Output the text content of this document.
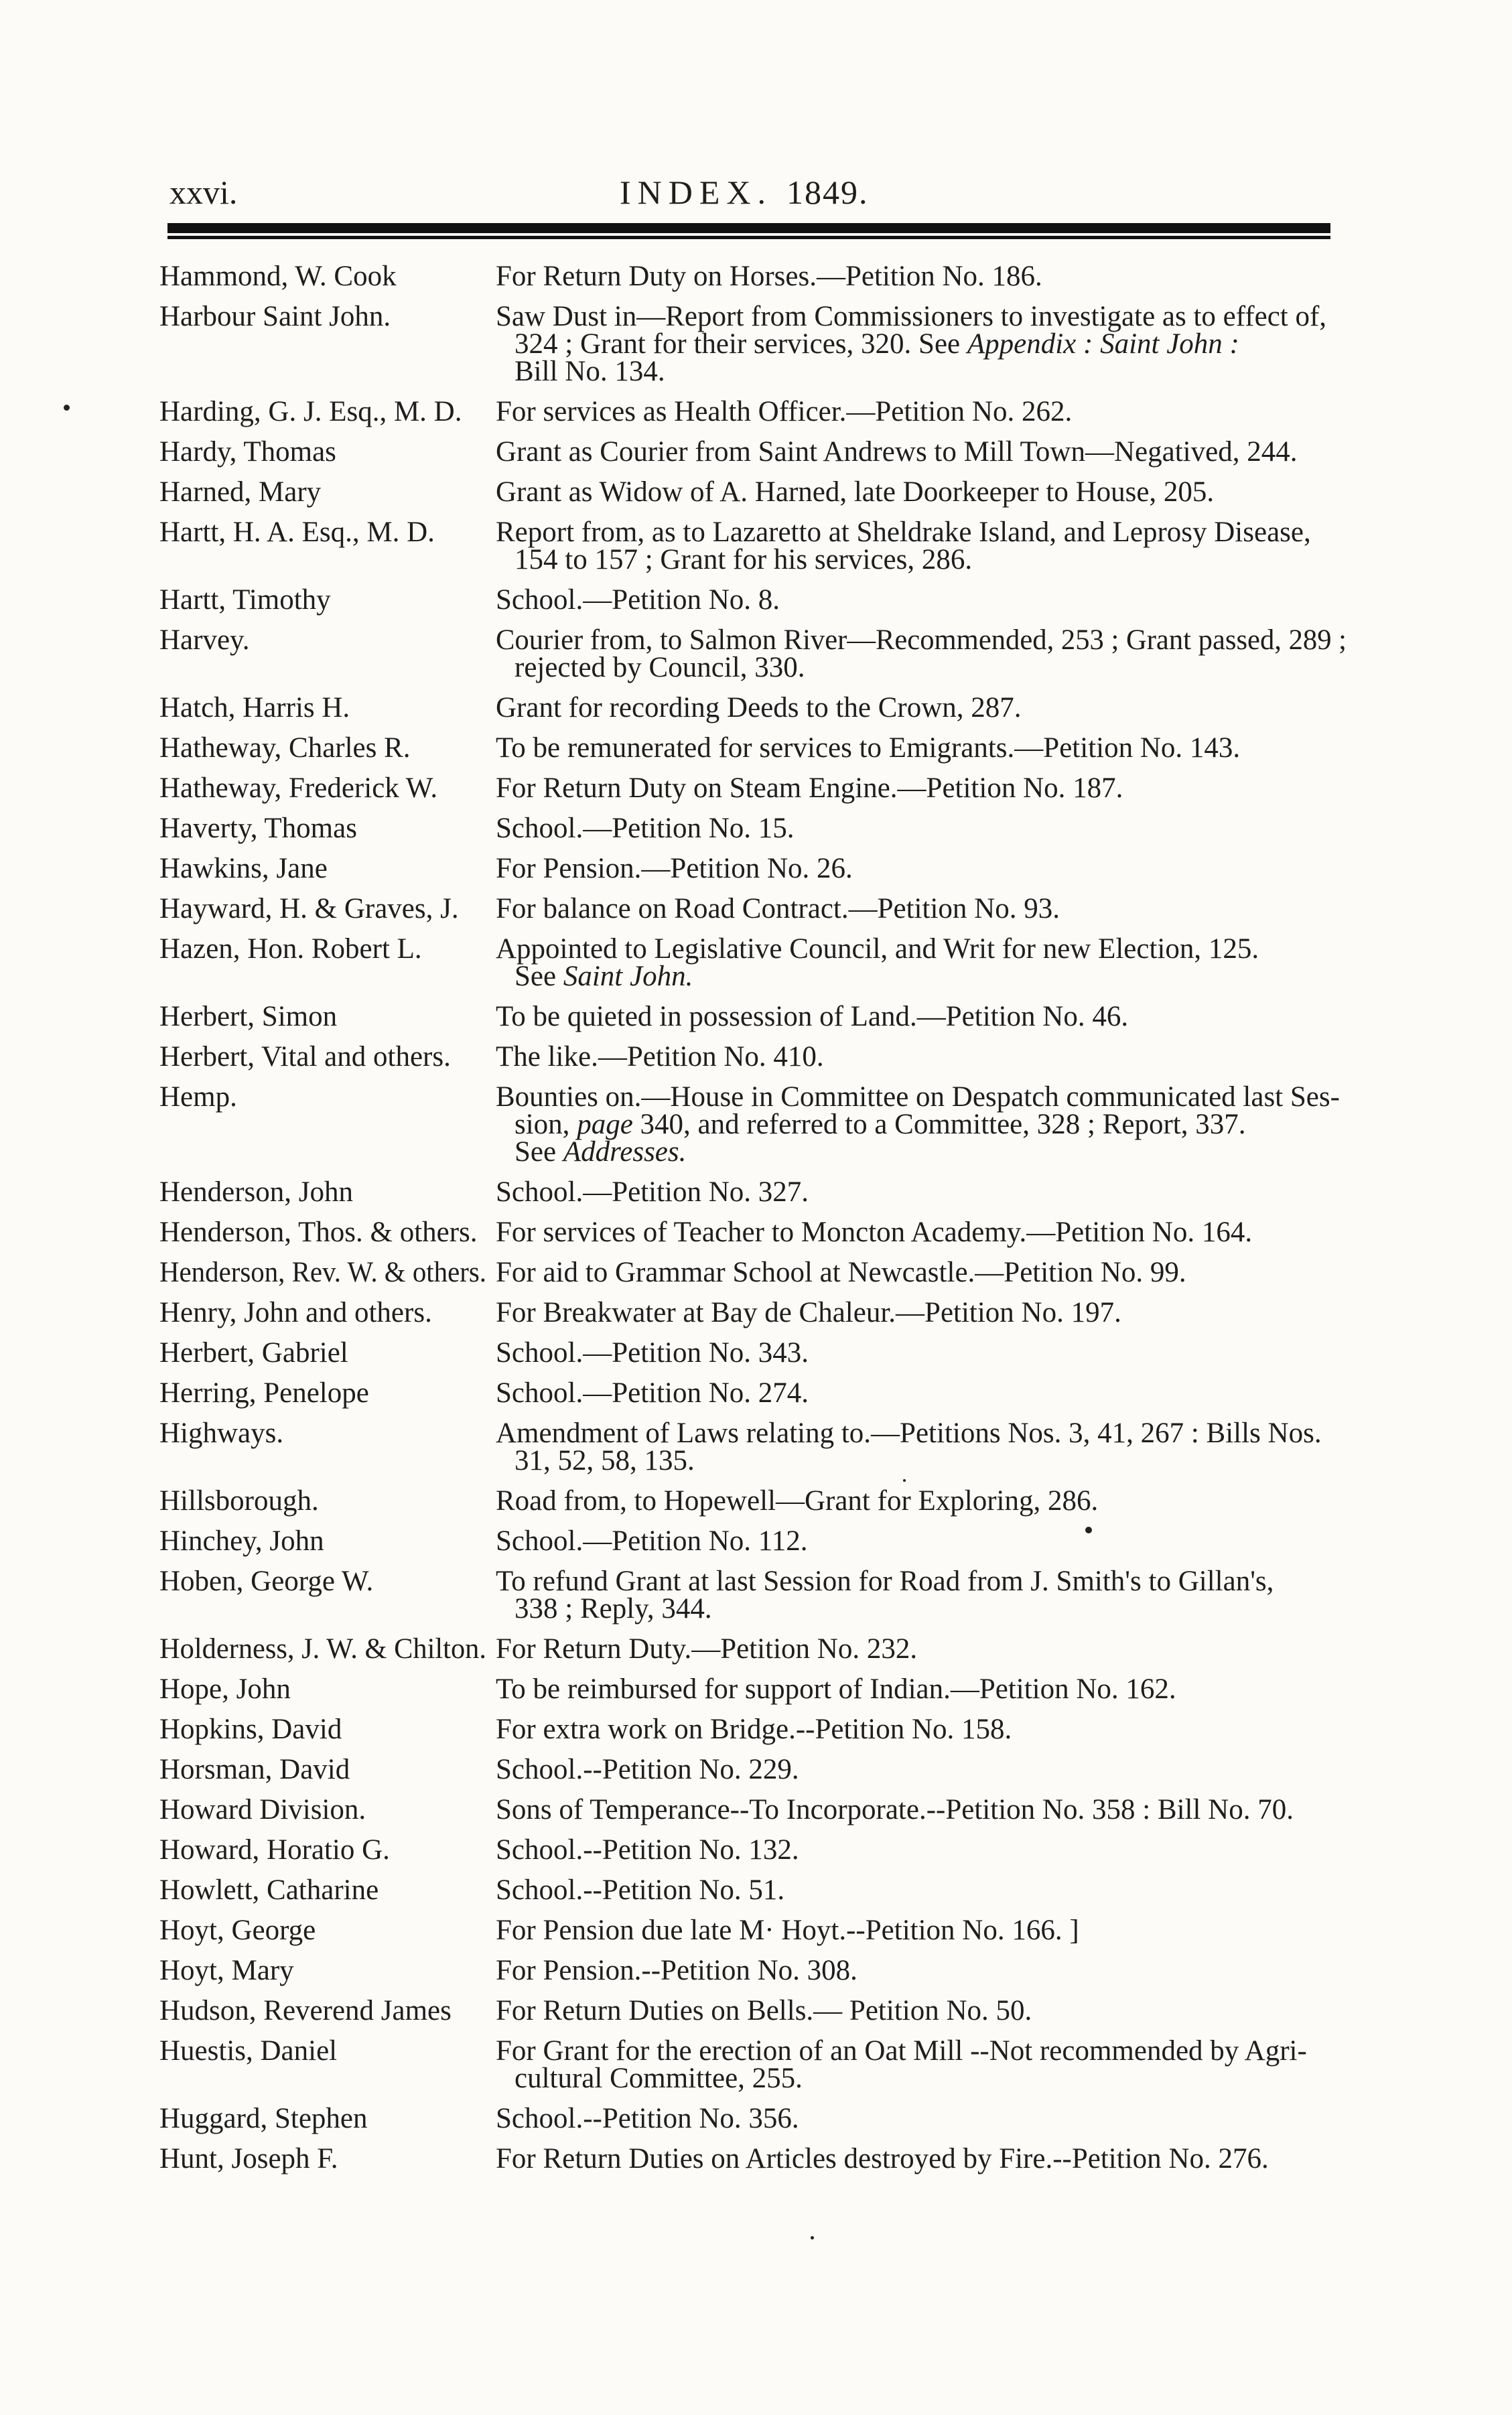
xxvi.	INDEX. 1849.
Hammond, W. Cook	For Return Duty on Horses.—Petition No. 186.
Harbour Saint John.	Saw Dust in—Report from Commissioners to investigate as to effect of,
324 ; Grant for their services, 320. See Appendix : Saint John :
Bill No. 134.
Harding, G. J. Esq., M. D.	For services as Health Officer.—Petition No. 262.
Hardy, Thomas	Grant as Courier from Saint Andrews to Mill Town—Negatived, 244.
Harned, Mary	Grant as Widow of A. Harned, late Doorkeeper to House, 205.
Hartt, H. A. Esq., M. D.	Report from, as to Lazaretto at Sheldrake Island, and Leprosy Disease,
154 to 157 ; Grant for his services, 286.
Hartt, Timothy	School.—Petition No. 8.
Harvey.	Courier from, to Salmon River—Recommended, 253 ; Grant passed, 289 ;
rejected by Council, 330.
Hatch, Harris H.	Grant for recording Deeds to the Crown, 287.
Hatheway, Charles R.	To be remunerated for services to Emigrants.—Petition No. 143.
Hatheway, Frederick W.	For Return Duty on Steam Engine.—Petition No. 187.
Haverty, Thomas	School.—Petition No. 15.
Hawkins, Jane	For Pension.—Petition No. 26.
Hayward, H. & Graves, J.	For balance on Road Contract.—Petition No. 93.
Hazen, Hon. Robert L.	Appointed to Legislative Council, and Writ for new Election, 125.
See Saint John.
Herbert, Simon	To be quieted in possession of Land.—Petition No. 46.
Herbert, Vital and others.	The like.—Petition No. 410.
Hemp.	Bounties on.—House in Committee on Despatch communicated last Ses-
sion, page 340, and referred to a Committee, 328 ; Report, 337.
See Addresses.
Henderson, John	School.—Petition No. 327.
Henderson, Thos. & others. For services of Teacher to Moncton Academy.—Petition No. 164.
Henderson, Rev. W. & others. For aid to Grammar School at Newcastle.—Petition No. 99.
Henry, John and others.	For Breakwater at Bay de Chaleur.—Petition No. 197.
Herbert, Gabriel	School.—Petition No. 343.
Herring, Penelope	School.—Petition No. 274.
Highways.	Amendment of Laws relating to.—Petitions Nos. 3, 41, 267 : Bills Nos.
31, 52, 58, 135.
Hillsborough.	Road from, to Hopewell—Grant for Exploring, 286.
Hinchey, John	School.—Petition No. 112.
Hoben, George W.	To refund Grant at last Session for Road from J. Smith's to Gillan's,
338 ; Reply, 344.
Holderness, J. W. & Chilton. For Return Duty.—Petition No. 232.
Hope, John	To be reimbursed for support of Indian.—Petition No. 162.
Hopkins, David	For extra work on Bridge.--Petition No. 158.
Horsman, David	School.--Petition No. 229.
Howard Division.	Sons of Temperance--To Incorporate.--Petition No. 358 : Bill No. 70.
Howard, Horatio G.	School.--Petition No. 132.
Howlett, Catharine	School.--Petition No. 51.
Hoyt, George	For Pension due late M· Hoyt.--Petition No. 166. ]
Hoyt, Mary	For Pension.--Petition No. 308.
Hudson, Reverend James	For Return Duties on Bells.— Petition No. 50.
Huestis, Daniel	For Grant for the erection of an Oat Mill --Not recommended by Agri-
cultural Committee, 255.
Huggard, Stephen	School.--Petition No. 356.
Hunt, Joseph F.	For Return Duties on Articles destroyed by Fire.--Petition No. 276.
